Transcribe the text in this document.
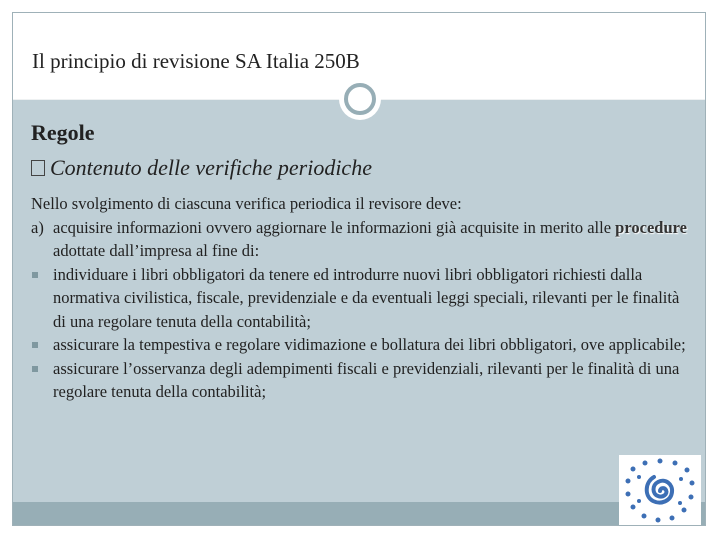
Il principio di revisione SA Italia 250B
Regole
Contenuto delle verifiche periodiche

Nello svolgimento di ciascuna verifica periodica il revisore deve:

a) acquisire informazioni ovvero aggiornare le informazioni già acquisite in merito alle procedure adottate dall’impresa al fine di:
individuare i libri obbligatori da tenere ed introdurre nuovi libri obbligatori richiesti dalla normativa civilistica, fiscale, previdenziale e da eventuali leggi speciali, rilevanti per le finalità di una regolare tenuta della contabilità;
assicurare la tempestiva e regolare vidimazione e bollatura dei libri obbligatori, ove applicabile;
assicurare l’osservanza degli adempimenti fiscali e previdenziali, rilevanti per le finalità di una regolare tenuta della contabilità;
